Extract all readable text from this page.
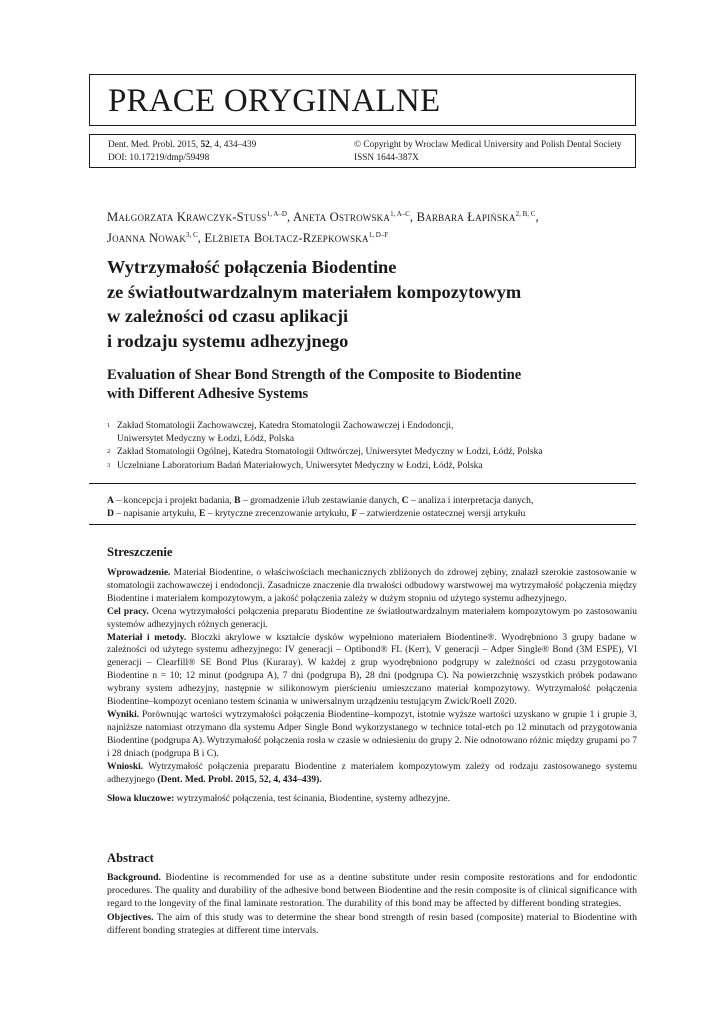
PRACE ORYGINALNE
Dent. Med. Probl. 2015, 52, 4, 434–439
DOI: 10.17219/dmp/59498
© Copyright by Wroclaw Medical University and Polish Dental Society
ISSN 1644-387X
Małgorzata Krawczyk-Stuss$^{1, A-D}$, Aneta Ostrowska$^{1, A-C}$, Barbara Łapińska$^{2, B, C}$,
Joanna Nowak$^{3, C}$, Elżbieta Bołtacz-Rzepkowska$^{1, D-F}$
Wytrzymałość połączenia Biodentine
ze światłoutwardzalnym materiałem kompozytowym
w zależności od czasu aplikacji
i rodzaju systemu adhezyjnego
Evaluation of Shear Bond Strength of the Composite to Biodentine
with Different Adhesive Systems
1 Zakład Stomatologii Zachowawczej, Katedra Stomatologii Zachowawczej i Endodoncji,
Uniwersytet Medyczny w Łodzi, Łódź, Polska
2 Zakład Stomatologii Ogólnej, Katedra Stomatologii Odtwórczej, Uniwersytet Medyczny w Łodzi, Łódź, Polska
3 Uczelniane Laboratorium Badań Materiałowych, Uniwersytet Medyczny w Łodzi, Łódź, Polska
A – koncepcja i projekt badania, B – gromadzenie i/lub zestawianie danych, C – analiza i interpretacja danych,
D – napisanie artykułu, E – krytyczne zrecenzowanie artykułu, F – zatwierdzenie ostatecznej wersji artykułu
Streszczenie

Wprowadzenie. Materiał Biodentine, o właściwościach mechanicznych zbliżonych do zdrowej zębiny, znalazł szerokie zastosowanie w stomatologii zachowawczej i endodoncji. Zasadnicze znaczenie dla trwałości odbudowy warstwowej ma wytrzymałość połączenia między Biodentine i materiałem kompozytowym, a jakość połączenia zależy w dużym stopniu od użytego systemu adhezyjnego.

Cel pracy. Ocena wytrzymałości połączenia preparatu Biodentine ze światłoutwardzalnym materiałem kompozytowym po zastosowaniu systemów adhezyjnych różnych generacji.

Materiał i metody. Bloczki akrylowe w kształcie dysków wypełniono materiałem Biodentine®. Wyodrębniono 3 grupy badane w zależności od użytego systemu adhezyjnego: IV generacji – Optibond® FL (Kerr), V generacji – Adper Single® Bond (3M ESPE), VI generacji – Clearfill® SE Bond Plus (Kuraray). W każdej z grup wyodrębniono podgrupy w zależności od czasu przygotowania Biodentine n = 10; 12 minut (podgrupa A), 7 dni (podgrupa B), 28 dni (podgrupa C). Na powierzchnię wszystkich próbek podawano wybrany system adhezyjny, następnie w silikonowym pierścieniu umieszczano materiał kompozytowy. Wytrzymałość połączenia Biodentine–kompozyt oceniano testem ścinania w uniwersalnym urządzeniu testującym Zwick/Roell Z020.

Wyniki. Porównując wartości wytrzymałości połączenia Biodentine–kompozyt, istotnie wyższe wartości uzyskano w grupie 1 i grupie 3, najniższe natomiast otrzymano dla systemu Adper Single Bond wykorzystanego w technice total-etch po 12 minutach od przygotowania Biodentine (podgrupa A). Wytrzymałość połączenia rosła w czasie w odniesieniu do grupy 2. Nie odnotowano różnic między grupami po 7 i 28 dniach (podgrupa B i C).

Wnioski. Wytrzymałość połączenia preparatu Biodentine z materiałem kompozytowym zależy od rodzaju zastosowanego systemu adhezyjnego (Dent. Med. Probl. 2015, 52, 4, 434–439).

Słowa kluczowe: wytrzymałość połączenia, test ścinania, Biodentine, systemy adhezyjne.

Abstract

Background. Biodentine is recommended for use as a dentine substitute under resin composite restorations and for endodontic procedures. The quality and durability of the adhesive bond between Biodentine and the resin composite is of clinical significance with regard to the longevity of the final laminate restoration. The durability of this bond may be affected by different bonding strategies.

Objectives. The aim of this study was to determine the shear bond strength of resin based (composite) material to Biodentine with different bonding strategies at different time intervals.
